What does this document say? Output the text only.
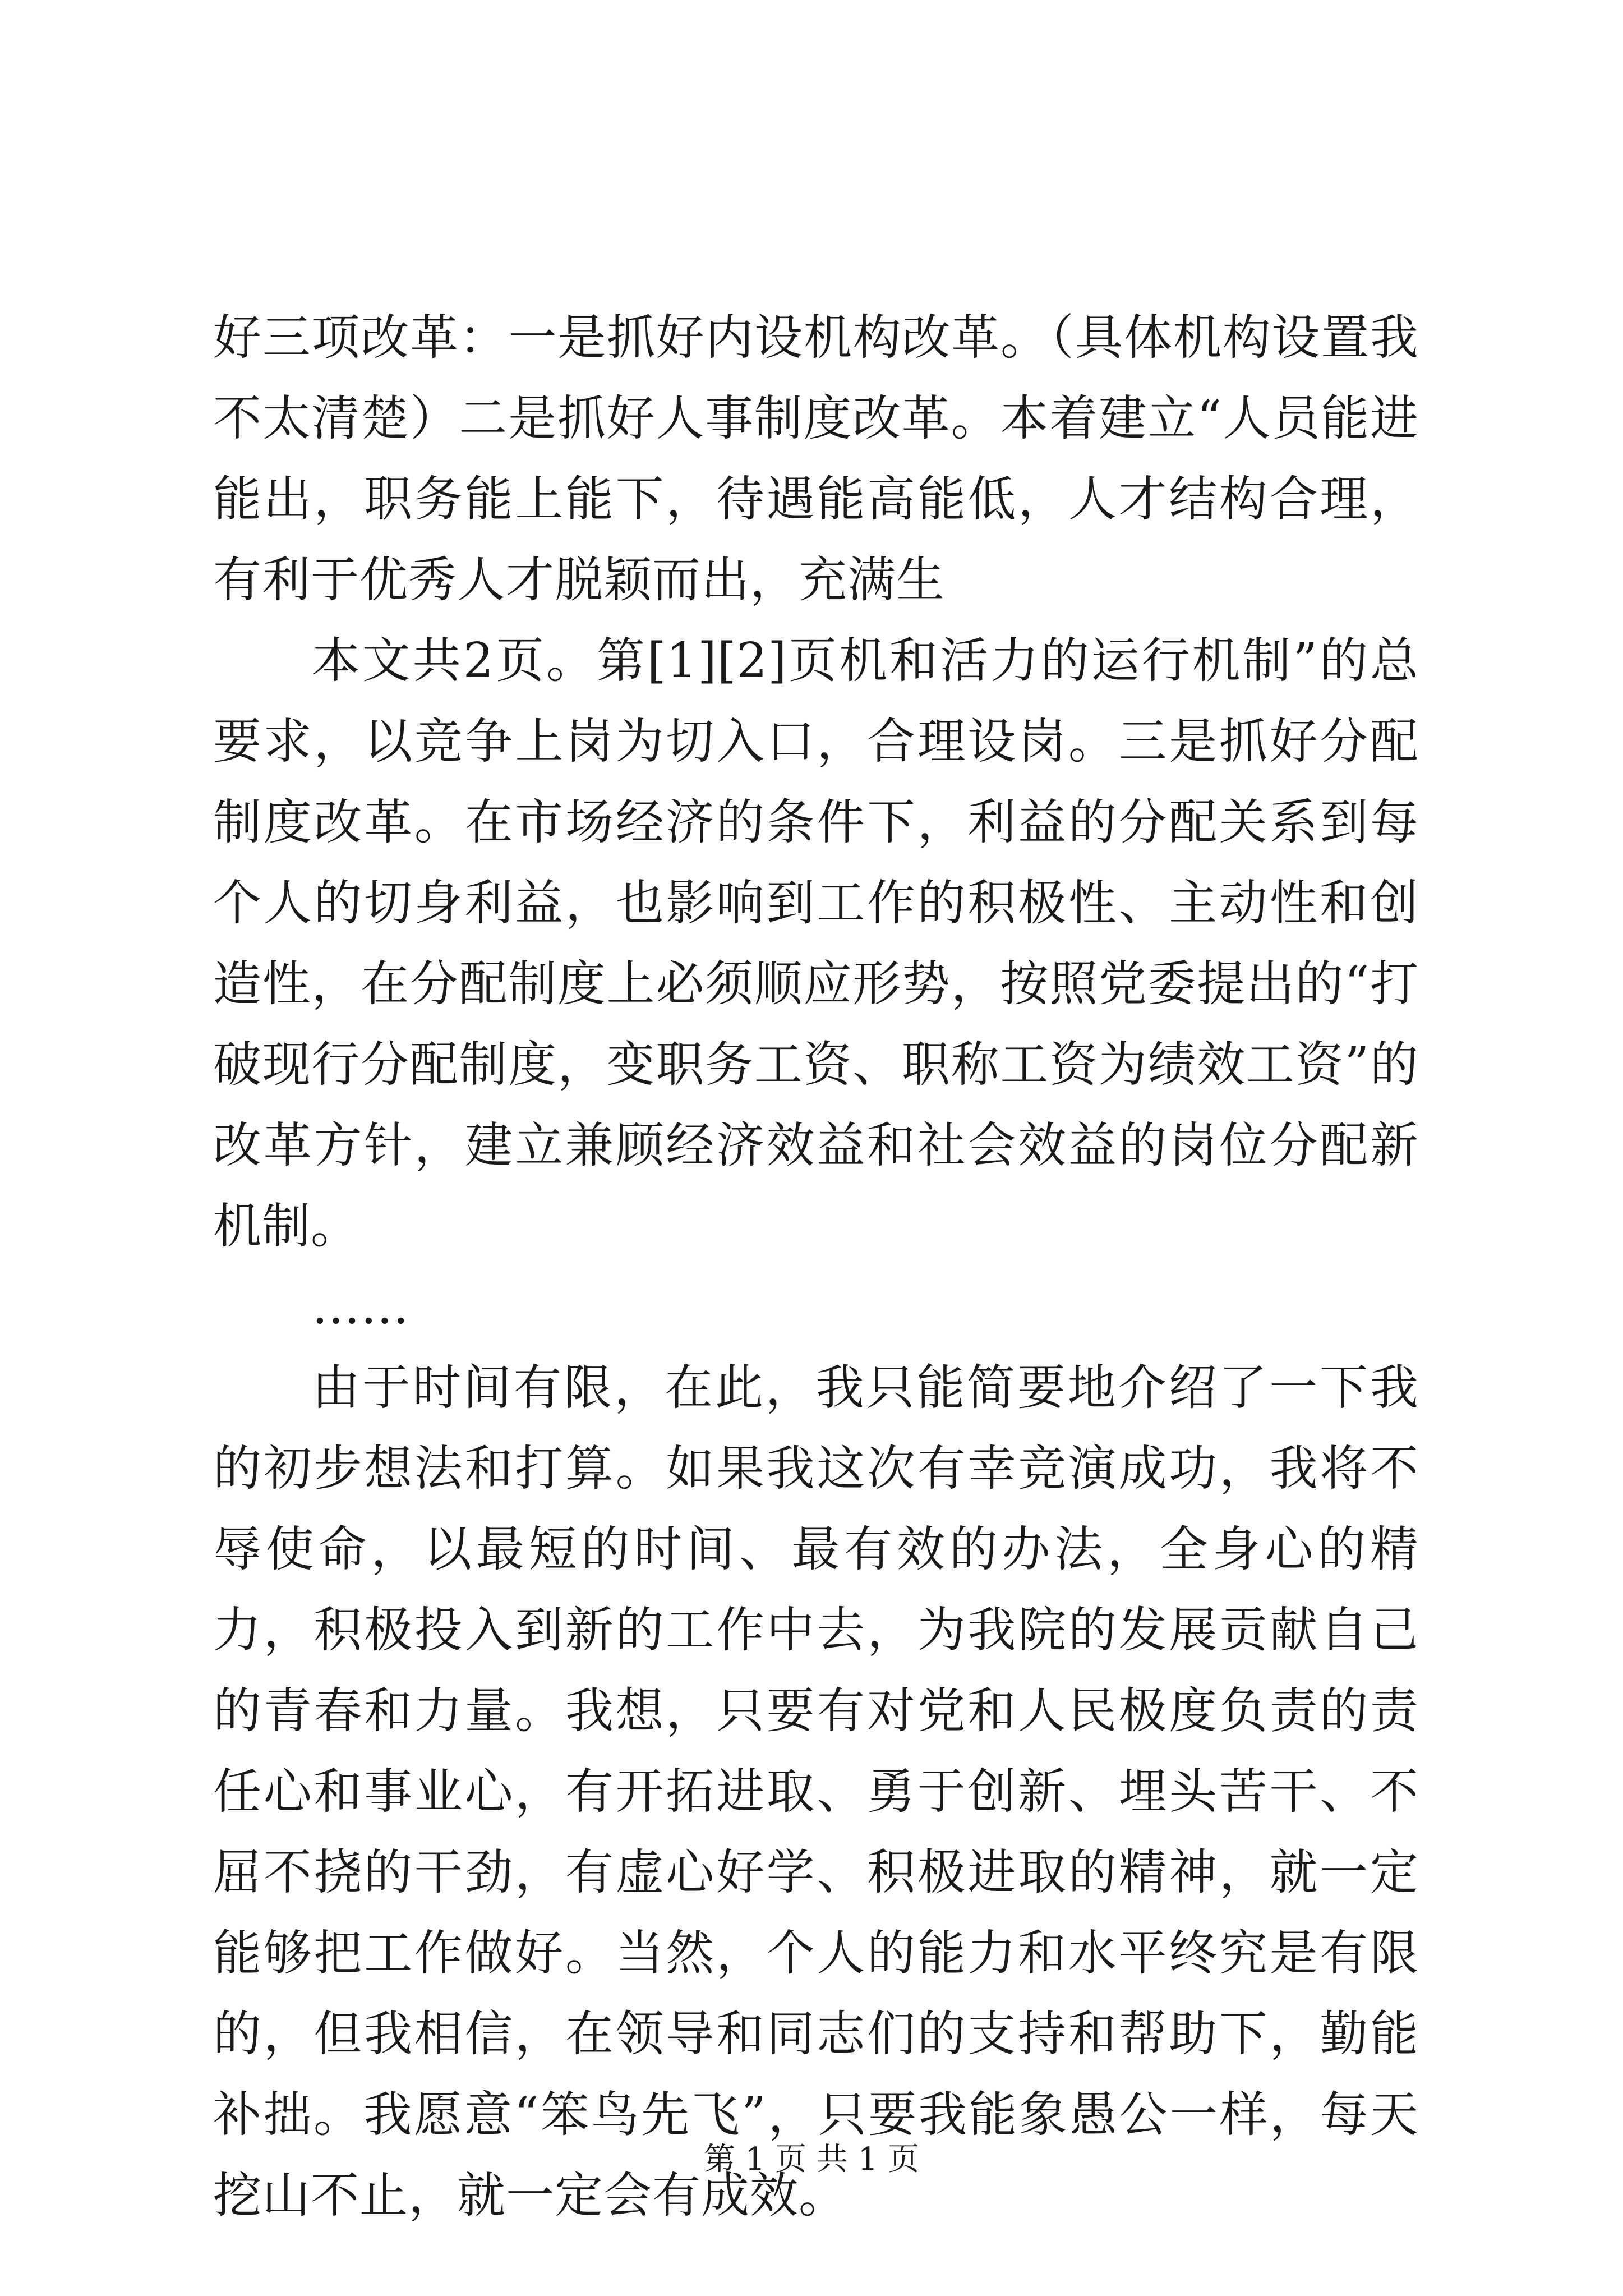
好三项改革：一是抓好内设机构改革。（具体机构设置我不太清楚）二是抓好人事制度改革。本着建立“人员能进能出，职务能上能下，待遇能高能低，人才结构合理，有利于优秀人才脱颖而出，充满生

本文共2页。第[1][2]页机和活力的运行机制”的总要求，以竞争上岗为切入口，合理设岗。三是抓好分配制度改革。在市场经济的条件下，利益的分配关系到每个人的切身利益，也影响到工作的积极性、主动性和创造性，在分配制度上必须顺应形势，按照党委提出的“打破现行分配制度，变职务工资、职称工资为绩效工资”的改革方针，建立兼顾经济效益和社会效益的岗位分配新机制。

……

由于时间有限，在此，我只能简要地介绍了一下我的初步想法和打算。如果我这次有幸竞演成功，我将不辱使命，以最短的时间、最有效的办法，全身心的精力，积极投入到新的工作中去，为我院的发展贡献自己的青春和力量。我想，只要有对党和人民极度负责的责任心和事业心，有开拓进取、勇于创新、埋头苦干、不屈不挠的干劲，有虚心好学、积极进取的精神，就一定能够把工作做好。当然，个人的能力和水平终究是有限的，但我相信，在领导和同志们的支持和帮助下，勤能补拙。我愿意“笨鸟先飞”，只要我能象愚公一样，每天挖山不止，就一定会有成效。

第 1 页 共 1 页
